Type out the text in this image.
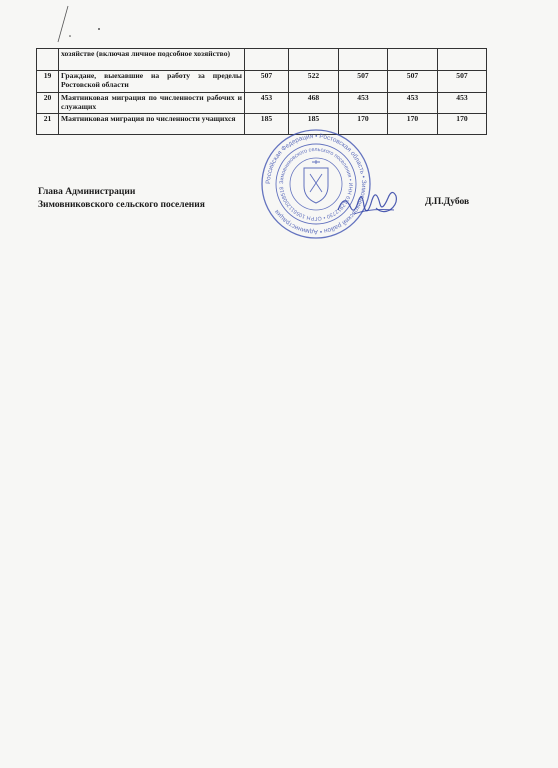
	хозяйстве (включая личное подсобное хозяйство)					
19	Граждане, выехавшие на работу за пределы Ростовской области	507	522	507	507	507
20	Маятниковая миграция по численности рабочих и служащих	453	468	453	453	453
21	Маятниковая миграция по численности учащихся	185	185	170	170	170
Глава Администрации
Зимовниковского сельского поселения	Д.П.Дубов
Российская Федерация • Ростовская область • Зимовниковский район • Администрация
Зимовниковского сельского поселения • ИНН 6112912730 • ОГРН 1056112008518
